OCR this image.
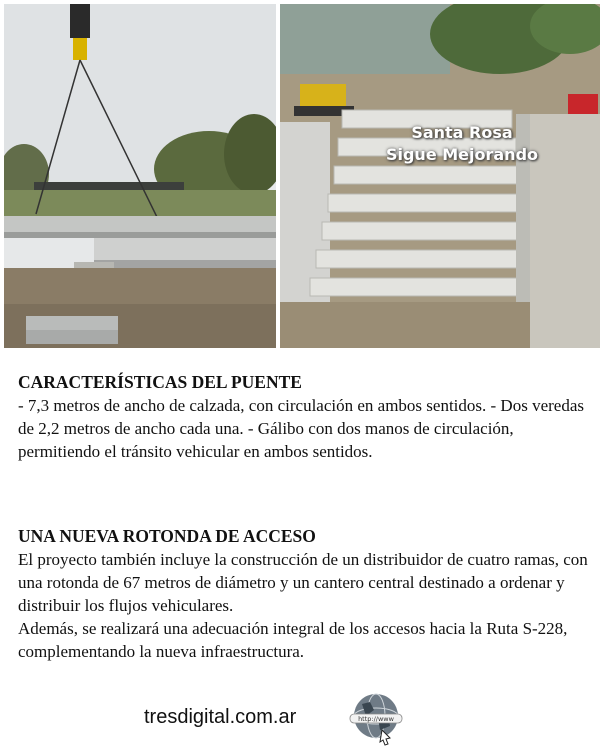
Santa Rosa
Sigue Mejorando

CARACTERÍSTICAS DEL PUENTE

- 7,3 metros de ancho de calzada, con circulación en ambos sentidos. - Dos veredas de 2,2 metros de ancho cada una. - Gálibo con dos manos de circulación, permitiendo el tránsito vehicular en ambos sentidos.

UNA NUEVA ROTONDA DE ACCESO

El proyecto también incluye la construcción de un distribuidor de cuatro ramas, con una rotonda de 67 metros de diámetro y un cantero central destinado a ordenar y distribuir los flujos vehiculares.

Además, se realizará una adecuación integral de los accesos hacia la Ruta S-228, complementando la nueva infraestructura.

tresdigital.com.ar	http://www
